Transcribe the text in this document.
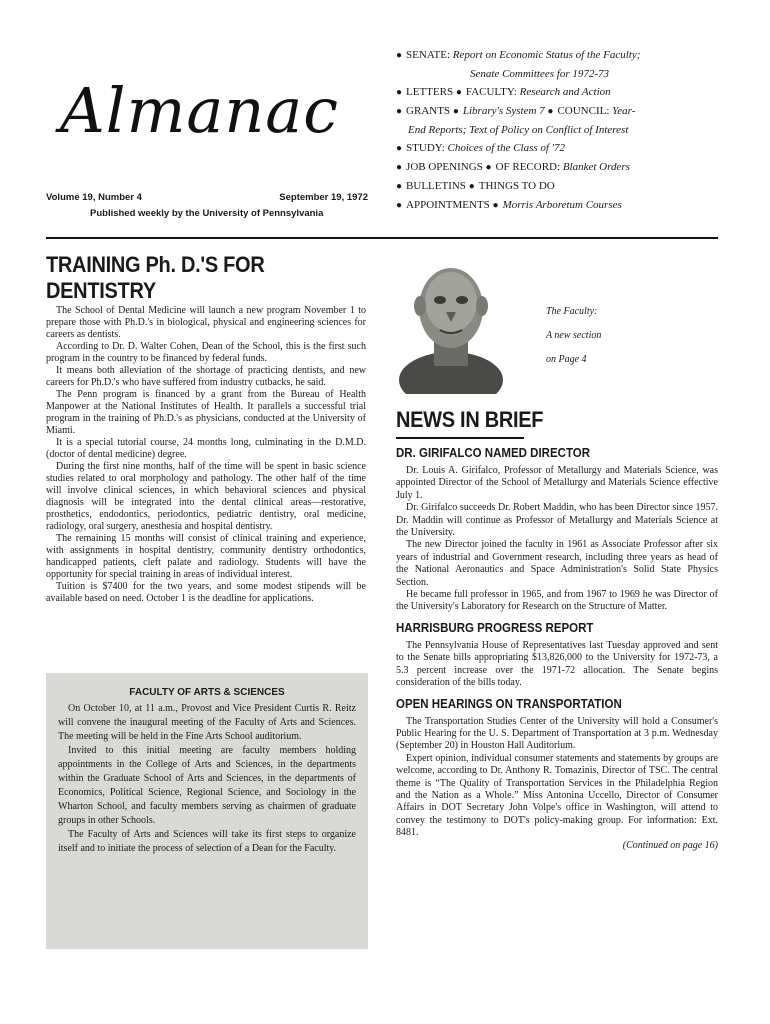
Almanac
Volume 19, Number 4	September 19, 1972
Published weekly by the University of Pennsylvania
● SENATE: Report on Economic Status of the Faculty;
Senate Committees for 1972-73
● LETTERS ● FACULTY: Research and Action
● GRANTS ● Library's System 7 ● COUNCIL: Year-
End Reports; Text of Policy on Conflict of Interest
● STUDY: Choices of the Class of '72
● JOB OPENINGS ● OF RECORD: Blanket Orders
● BULLETINS ● THINGS TO DO
● APPOINTMENTS ● Morris Arboretum Courses
TRAINING Ph. D.'S FOR DENTISTRY

The School of Dental Medicine will launch a new program November 1 to prepare those with Ph.D.'s in biological, physical and engineering sciences for careers as dentists.

According to Dr. D. Walter Cohen, Dean of the School, this is the first such program in the country to be financed by federal funds.

It means both alleviation of the shortage of practicing dentists, and new careers for Ph.D.'s who have suffered from industry cutbacks, he said.

The Penn program is financed by a grant from the Bureau of Health Manpower at the National Institutes of Health. It parallels a successful trial program in the training of Ph.D.'s as physicians, conducted at the University of Miami.

It is a special tutorial course, 24 months long, culminating in the D.M.D. (doctor of dental medicine) degree.

During the first nine months, half of the time will be spent in basic science studies related to oral morphology and pathology. The other half of the time will involve clinical sciences, in which behavioral sciences and physical diagnosis will be integrated into the dental clinical areas—restorative, prosthetics, endodontics, periodontics, pediatric dentistry, oral medicine, radiology, oral surgery, anesthesia and hospital dentistry.

The remaining 15 months will consist of clinical training and experience, with assignments in hospital dentistry, community dentistry orthodontics, handicapped patients, cleft palate and radiology. Students will have the opportunity for special training in areas of individual interest.

Tuition is $7400 for the two years, and some modest stipends will be available based on need. October 1 is the deadline for applications.

FACULTY OF ARTS & SCIENCES

On October 10, at 11 a.m., Provost and Vice President Curtis R. Reitz will convene the inaugural meeting of the Faculty of Arts and Sciences. The meeting will be held in the Fine Arts School auditorium.

Invited to this initial meeting are faculty members holding appointments in the College of Arts and Sciences, in the departments within the Graduate School of Arts and Sciences, in the departments of Economics, Political Science, Regional Science, and Sociology in the Wharton School, and faculty members serving as chairmen of graduate groups in other Schools.

The Faculty of Arts and Sciences will take its first steps to organize itself and to initiate the process of selection of a Dean for the Faculty.

The Faculty:
A new section
on Page 4
NEWS IN BRIEF
DR. GIRIFALCO NAMED DIRECTOR

Dr. Louis A. Girifalco, Professor of Metallurgy and Materials Science, was appointed Director of the School of Metallurgy and Materials Science effective July 1.

Dr. Girifalco succeeds Dr. Robert Maddin, who has been Director since 1957. Dr. Maddin will continue as Professor of Metallurgy and Materials Science at the University.

The new Director joined the faculty in 1961 as Associate Professor after six years of industrial and Government research, including three years as head of the National Aeronautics and Space Administration's Solid State Physics Section.

He became full professor in 1965, and from 1967 to 1969 he was Director of the University's Laboratory for Research on the Structure of Matter.

HARRISBURG PROGRESS REPORT

The Pennsylvania House of Representatives last Tuesday approved and sent to the Senate bills appropriating $13,826,000 to the University for 1972-73, a 5.3 percent increase over the 1971-72 allocation. The Senate begins consideration of the bills today.

OPEN HEARINGS ON TRANSPORTATION

The Transportation Studies Center of the University will hold a Consumer's Public Hearing for the U. S. Department of Transportation at 3 p.m. Wednesday (September 20) in Houston Hall Auditorium.

Expert opinion, individual consumer statements and statements by groups are welcome, according to Dr. Anthony R. Tomazinis, Director of TSC. The central theme is “The Quality of Transportation Services in the Philadelphia Region and the Nation as a Whole.” Miss Antonina Uccello, Director of Consumer Affairs in DOT Secretary John Volpe's office in Washington, will attend to convey the testimony to DOT's policy-making group. For information: Ext. 8481.

(Continued on page 16)
